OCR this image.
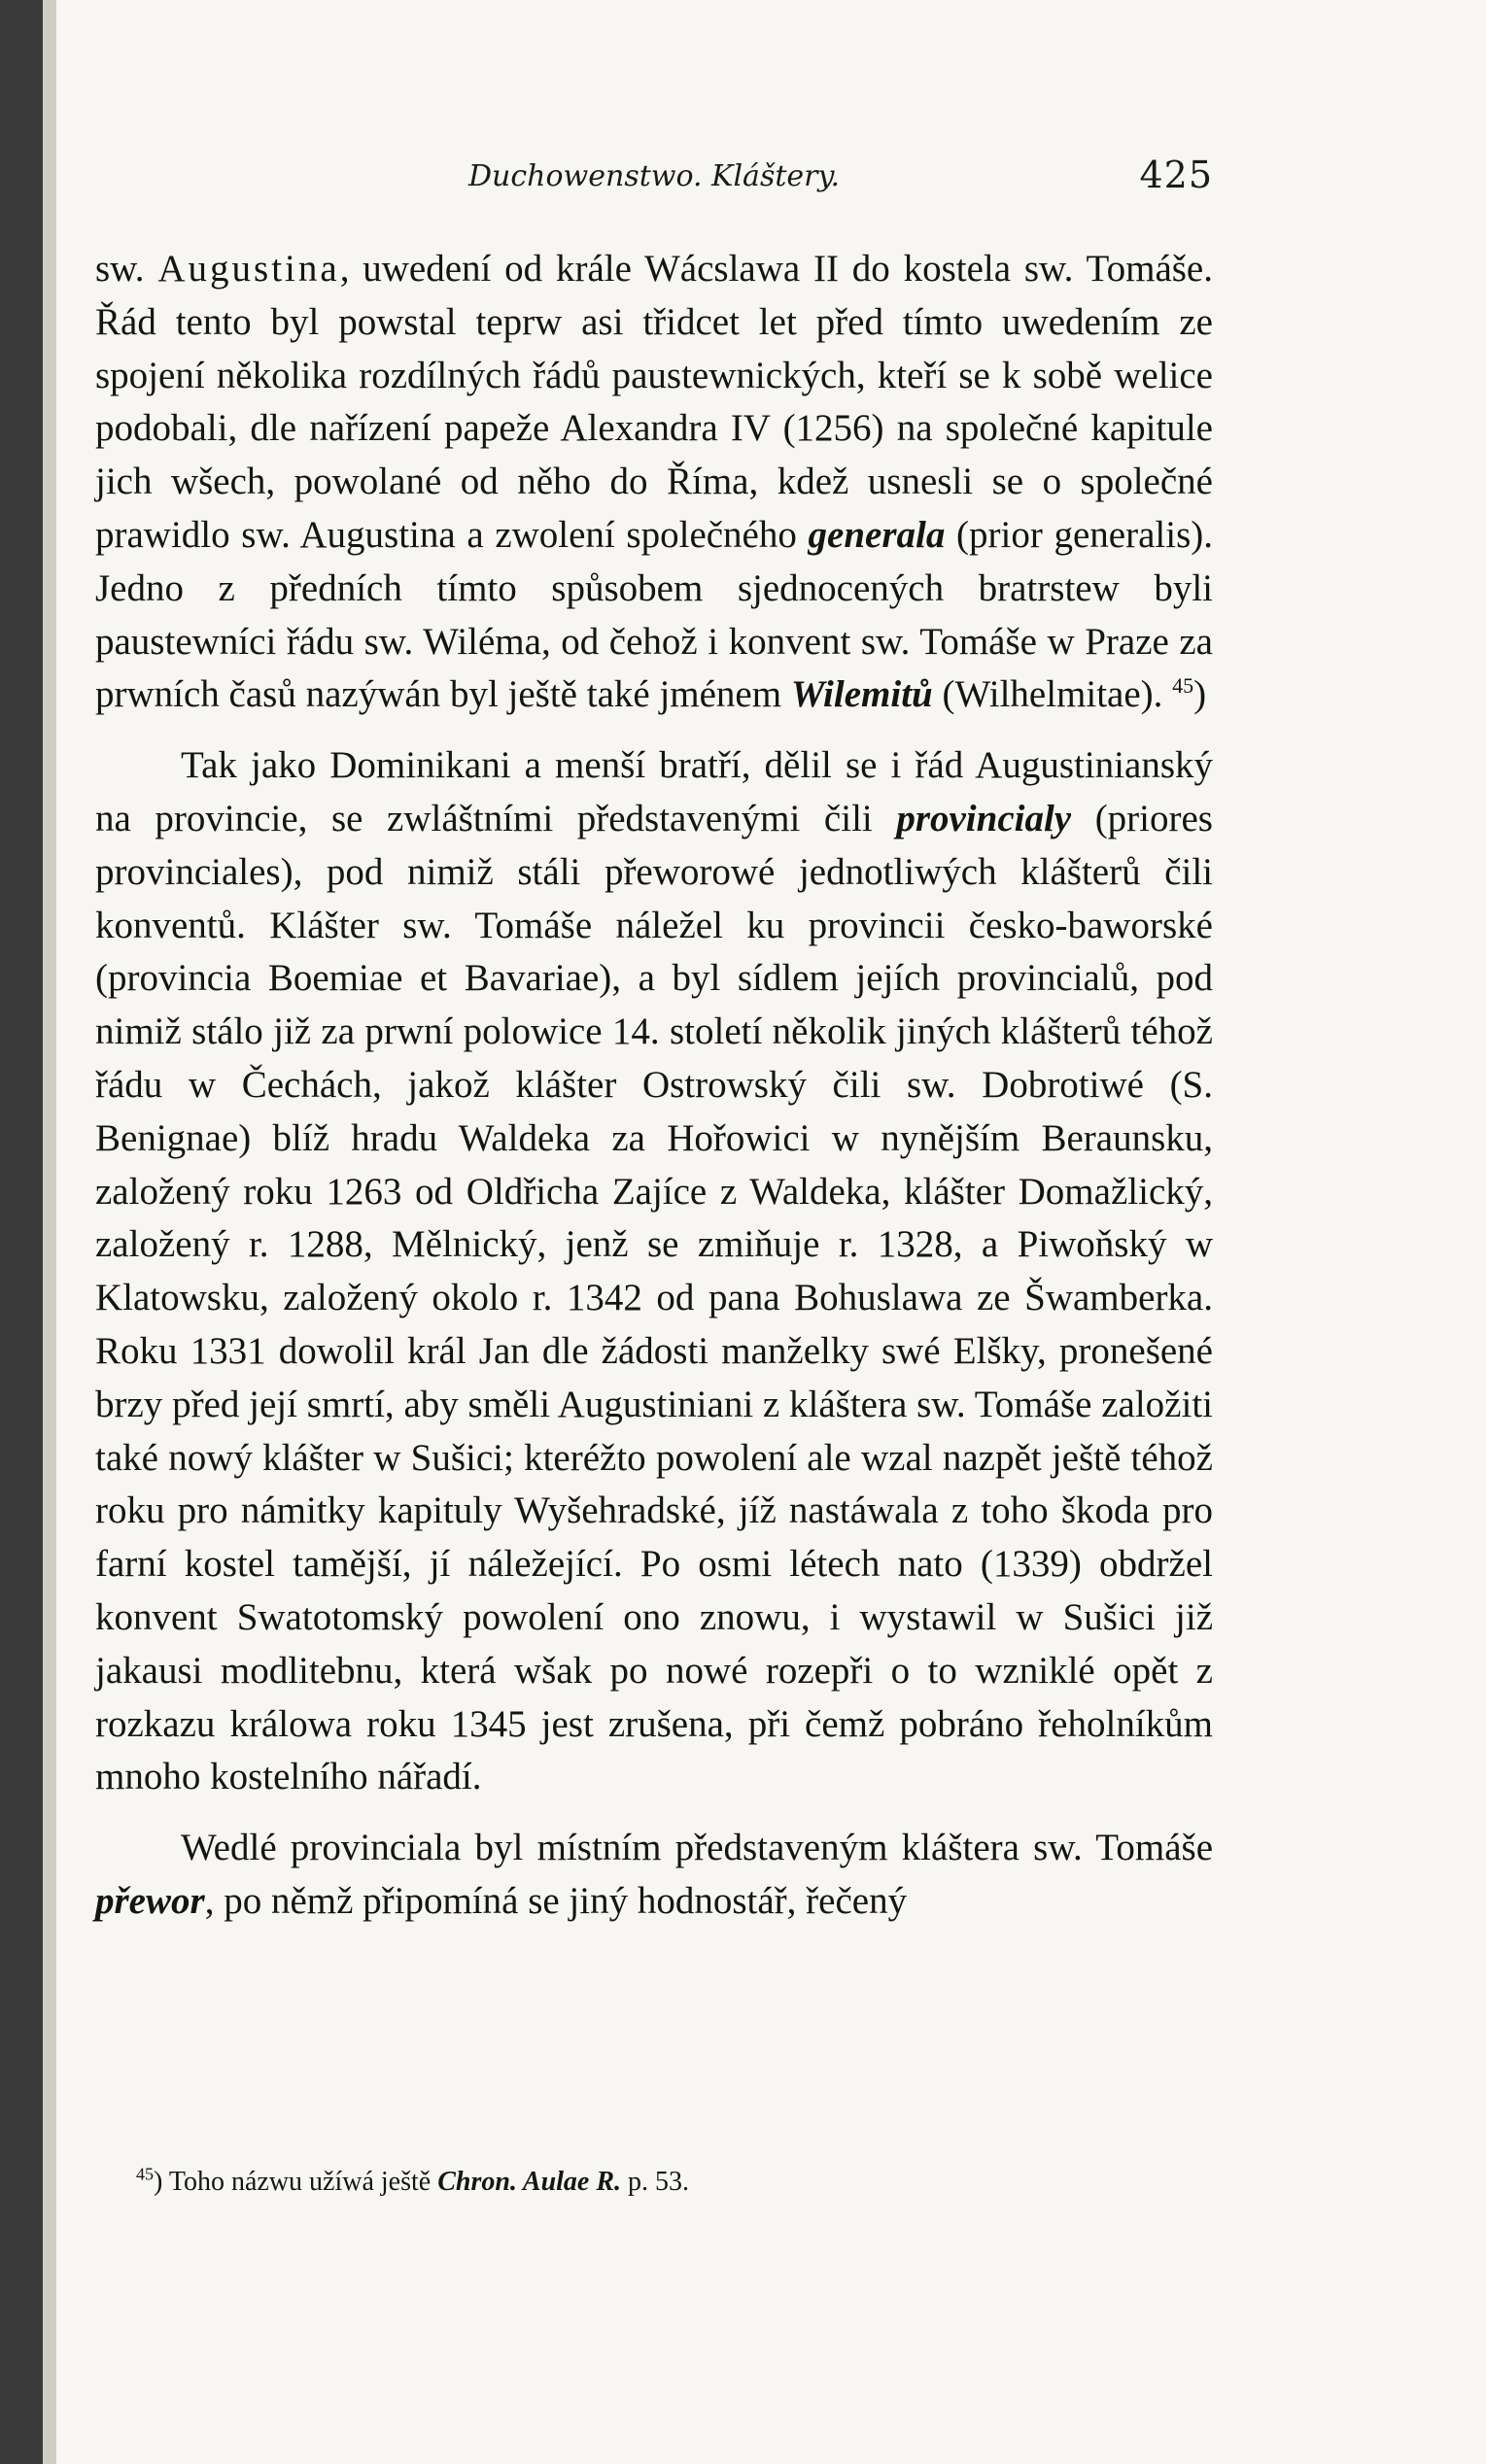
Duchowenstwo. Kláštery.	425

sw. Augustina, uwedení od krále Wácslawa II do kostela sw. Tomáše. Řád tento byl powstal teprw asi třidcet let před tímto uwedením ze spojení několika rozdílných řádů paustewnických, kteří se k sobě welice podobali, dle nařízení papeže Alexandra IV (1256) na společné kapitule jich wšech, powolané od něho do Říma, kdež usnesli se o společné prawidlo sw. Augustina a zwolení společného generala (prior generalis). Jedno z předních tímto spůsobem sjednocených bratrstew byli paustewníci řádu sw. Wiléma, od čehož i konvent sw. Tomáše w Praze za prwních časů nazýwán byl ještě také jménem Wilemitů (Wilhelmitae). $^{45}$)

Tak jako Dominikani a menší bratří, dělil se i řád Augustinianský na provincie, se zwláštními představenými čili provincialy (priores provinciales), pod nimiž stáli přeworowé jednotliwých klášterů čili konventů. Klášter sw. Tomáše náležel ku provincii česko-baworské (provincia Boemiae et Bavariae), a byl sídlem jejích provincialů, pod nimiž stálo již za prwní polowice 14. století několik jiných klášterů téhož řádu w Čechách, jakož klášter Ostrowský čili sw. Dobrotiwé (S. Benignae) blíž hradu Waldeka za Hořowici w nynějším Beraunsku, založený roku 1263 od Oldřicha Zajíce z Waldeka, klášter Domažlický, založený r. 1288, Mělnický, jenž se zmiňuje r. 1328, a Piwoňský w Klatowsku, založený okolo r. 1342 od pana Bohuslawa ze Šwamberka. Roku 1331 dowolil král Jan dle žádosti manželky swé Elšky, pronešené brzy před její smrtí, aby směli Augustiniani z kláštera sw. Tomáše založiti také nowý klášter w Sušici; kteréžto powolení ale wzal nazpět ještě téhož roku pro námitky kapituly Wyšehradské, jíž nastáwala z toho škoda pro farní kostel tamější, jí náležející. Po osmi létech nato (1339) obdržel konvent Swatotomský powolení ono znowu, i wystawil w Sušici již jakausi modlitebnu, která wšak po nowé rozepři o to wzniklé opět z rozkazu králowa roku 1345 jest zrušena, při čemž pobráno řeholníkům mnoho kostelního nářadí.

Wedlé provinciala byl místním představeným kláštera sw. Tomáše přewor, po němž připomíná se jiný hodnostář, řečený

$^{45}$) Toho názwu užíwá ještě Chron. Aulae R. p. 53.
